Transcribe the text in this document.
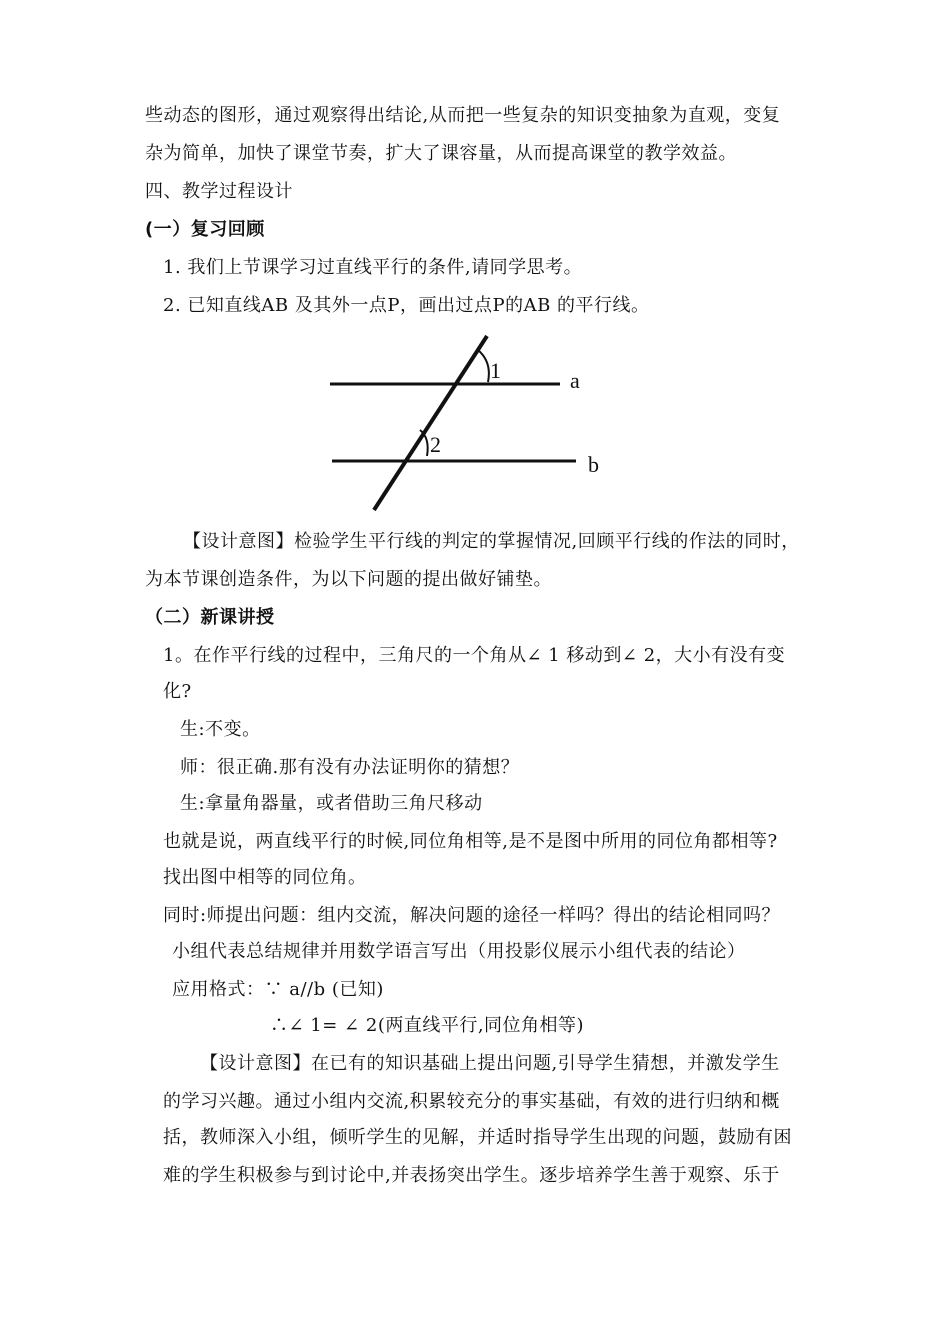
些动态的图形，通过观察得出结论,从而把一些复杂的知识变抽象为直观，变复
杂为简单，加快了课堂节奏，扩大了课容量，从而提高课堂的教学效益。
四、教学过程设计
(一）复习回顾
1. 我们上节课学习过直线平行的条件,请同学思考。
2. 已知直线AB 及其外一点P，画出过点P的AB 的平行线。
1
2
a
b
【设计意图】检验学生平行线的判定的掌握情况,回顾平行线的作法的同时，
为本节课创造条件，为以下问题的提出做好铺垫。
（二）新课讲授
1。在作平行线的过程中，三角尺的一个角从∠ 1 移动到∠ 2，大小有没有变
化?
生:不变。
师：很正确.那有没有办法证明你的猜想？
生:拿量角器量，或者借助三角尺移动
也就是说，两直线平行的时候,同位角相等,是不是图中所用的同位角都相等?
找出图中相等的同位角。
同时:师提出问题：组内交流，解决问题的途径一样吗？得出的结论相同吗？
小组代表总结规律并用数学语言写出（用投影仪展示小组代表的结论）
应用格式：∵ a//b (已知)
∴∠ 1= ∠ 2(两直线平行,同位角相等)
【设计意图】在已有的知识基础上提出问题,引导学生猜想，并激发学生
的学习兴趣。通过小组内交流,积累较充分的事实基础，有效的进行归纳和概
括，教师深入小组，倾听学生的见解，并适时指导学生出现的问题，鼓励有困
难的学生积极参与到讨论中,并表扬突出学生。逐步培养学生善于观察、乐于
